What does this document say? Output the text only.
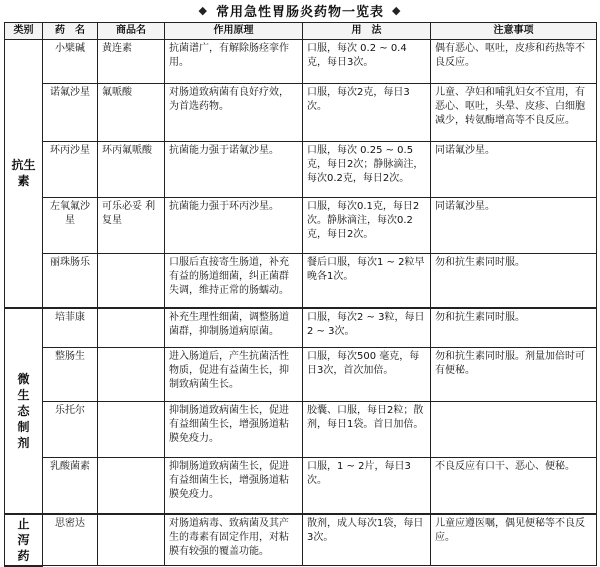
◆ 常用急性胃肠炎药物一览表 ◆
类别	药　名	商品名	作用原理	用　法	注意事项
抗生素	小檗碱	黄连素	抗菌谱广，有解除肠痉挛作用。	口服，每次 0.2 ~ 0.4 克，每日3次。	偶有恶心、呕吐，皮疹和药热等不良反应。
	诺氟沙星	氟哌酸	对肠道致病菌有良好疗效，为首选药物。	口服，每次2克，每日3次。	儿童、孕妇和哺乳妇女不宜用，有恶心、呕吐，头晕、皮疹、白细胞减少，转氨酶增高等不良反应。
	环丙沙星	环丙氟哌酸	抗菌能力强于诺氟沙星。	口服，每次 0.25 ~ 0.5 克，每日2次；静脉滴注，每次0.2克，每日2次。	同诺氟沙星。
	左氧氟沙星	可乐必妥 利复星	抗菌能力强于环丙沙星。	口服，每次0.1克，每日2次。静脉滴注，每次0.2克，每日2次。	同诺氟沙星。
	丽珠肠乐		口服后直接寄生肠道，补充有益的肠道细菌，纠正菌群失调，维持正常的肠蠕动。	餐后口服，每次1 ~ 2粒早晚各1次。	勿和抗生素同时服。
微生态制剂	培菲康		补充生理性细菌，调整肠道菌群，抑制肠道病原菌。	口服，每次2 ~ 3粒，每日2 ~ 3次。	勿和抗生素同时服。
	整肠生		进入肠道后，产生抗菌活性物质，促进有益菌生长，抑制致病菌生长。	口服，每次500 毫克，每日3次，首次加倍。	勿和抗生素同时服。剂量加倍时可有便秘。
	乐托尔		抑制肠道致病菌生长，促进有益细菌生长，增强肠道粘膜免疫力。	胶囊、口服，每日2粒；散剂，每日1袋。首日加倍。	
	乳酸菌素		抑制肠道致病菌生长，促进有益细菌生长，增强肠道粘膜免疫力。	口服，1 ~ 2片，每日3次。	不良反应有口干、恶心、便秘。
止泻药	思密达		对肠道病毒、致病菌及其产生的毒素有固定作用，对粘膜有较强的覆盖功能。	散剂，成人每次1袋，每日3次。	儿童应遵医嘱，偶见便秘等不良反应。
